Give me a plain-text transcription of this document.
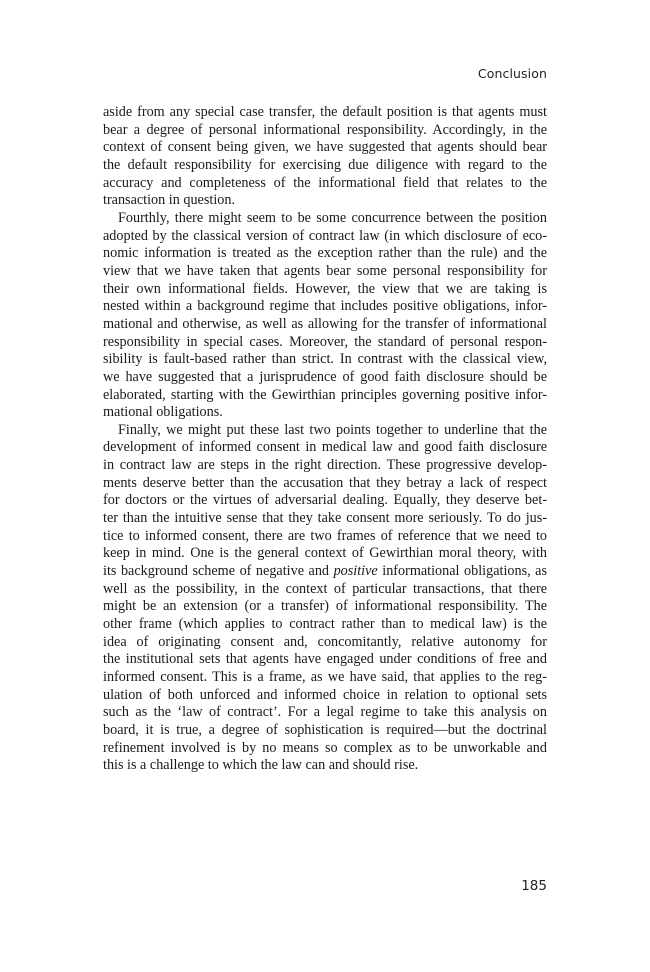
Conclusion

aside from any special case transfer, the default position is that agents must
bear a degree of personal informational responsibility. Accordingly, in the
context of consent being given, we have suggested that agents should bear
the default responsibility for exercising due diligence with regard to the
accuracy and completeness of the informational field that relates to the
transaction in question.

Fourthly, there might seem to be some concurrence between the position
adopted by the classical version of contract law (in which disclosure of eco-
nomic information is treated as the exception rather than the rule) and the
view that we have taken that agents bear some personal responsibility for
their own informational fields. However, the view that we are taking is
nested within a background regime that includes positive obligations, infor-
mational and otherwise, as well as allowing for the transfer of informational
responsibility in special cases. Moreover, the standard of personal respon-
sibility is fault-based rather than strict. In contrast with the classical view,
we have suggested that a jurisprudence of good faith disclosure should be
elaborated, starting with the Gewirthian principles governing positive infor-
mational obligations.

Finally, we might put these last two points together to underline that the
development of informed consent in medical law and good faith disclosure
in contract law are steps in the right direction. These progressive develop-
ments deserve better than the accusation that they betray a lack of respect
for doctors or the virtues of adversarial dealing. Equally, they deserve bet-
ter than the intuitive sense that they take consent more seriously. To do jus-
tice to informed consent, there are two frames of reference that we need to
keep in mind. One is the general context of Gewirthian moral theory, with
its background scheme of negative and positive informational obligations, as
well as the possibility, in the context of particular transactions, that there
might be an extension (or a transfer) of informational responsibility. The
other frame (which applies to contract rather than to medical law) is the
idea of originating consent and, concomitantly, relative autonomy for
the institutional sets that agents have engaged under conditions of free and
informed consent. This is a frame, as we have said, that applies to the reg-
ulation of both unforced and informed choice in relation to optional sets
such as the ‘law of contract’. For a legal regime to take this analysis on
board, it is true, a degree of sophistication is required—but the doctrinal
refinement involved is by no means so complex as to be unworkable and
this is a challenge to which the law can and should rise.

185
